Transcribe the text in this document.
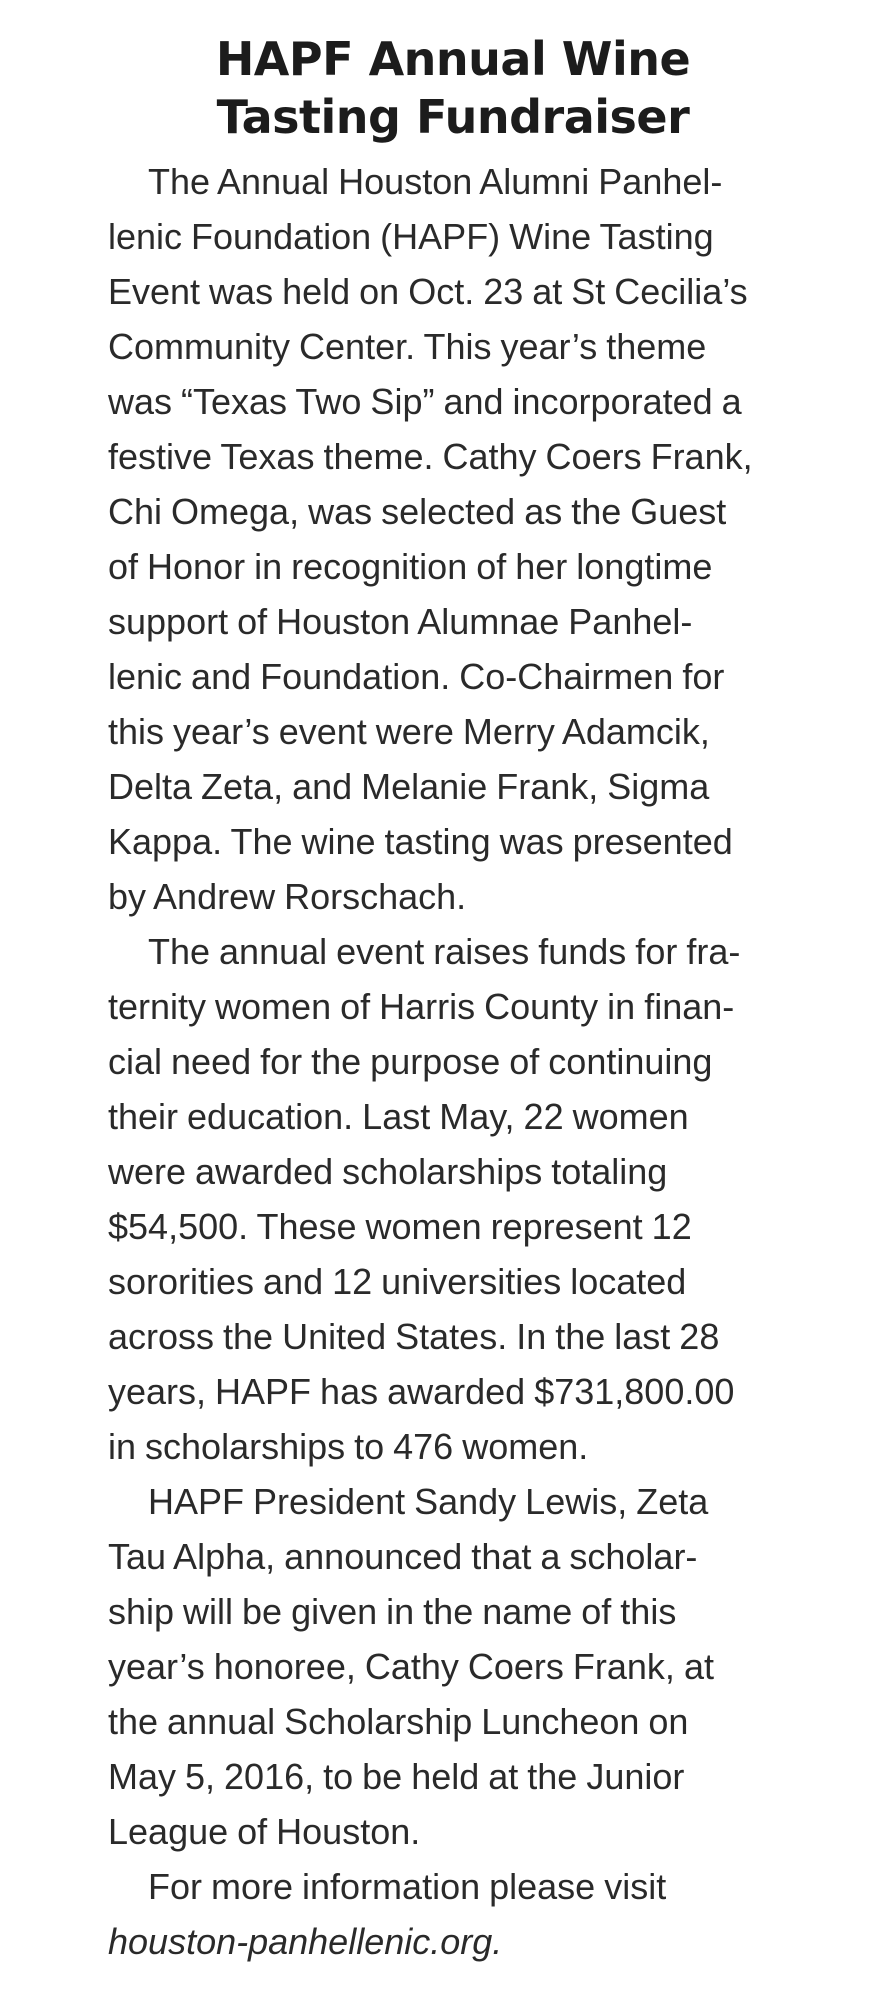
HAPF Annual Wine
Tasting Fundraiser

The Annual Houston Alumni Panhel-
lenic Foundation (HAPF) Wine Tasting
Event was held on Oct. 23 at St Cecilia’s
Community Center. This year’s theme
was “Texas Two Sip” and incorporated a
festive Texas theme. Cathy Coers Frank,
Chi Omega, was selected as the Guest
of Honor in recognition of her longtime
support of Houston Alumnae Panhel-
lenic and Foundation. Co-Chairmen for
this year’s event were Merry Adamcik,
Delta Zeta, and Melanie Frank, Sigma
Kappa. The wine tasting was presented
by Andrew Rorschach.

The annual event raises funds for fra-
ternity women of Harris County in finan-
cial need for the purpose of continuing
their education. Last May, 22 women
were awarded scholarships totaling
$54,500. These women represent 12
sororities and 12 universities located
across the United States. In the last 28
years, HAPF has awarded $731,800.00
in scholarships to 476 women.

HAPF President Sandy Lewis, Zeta
Tau Alpha, announced that a scholar-
ship will be given in the name of this
year’s honoree, Cathy Coers Frank, at
the annual Scholarship Luncheon on
May 5, 2016, to be held at the Junior
League of Houston.

For more information please visit
houston-panhellenic.org.
